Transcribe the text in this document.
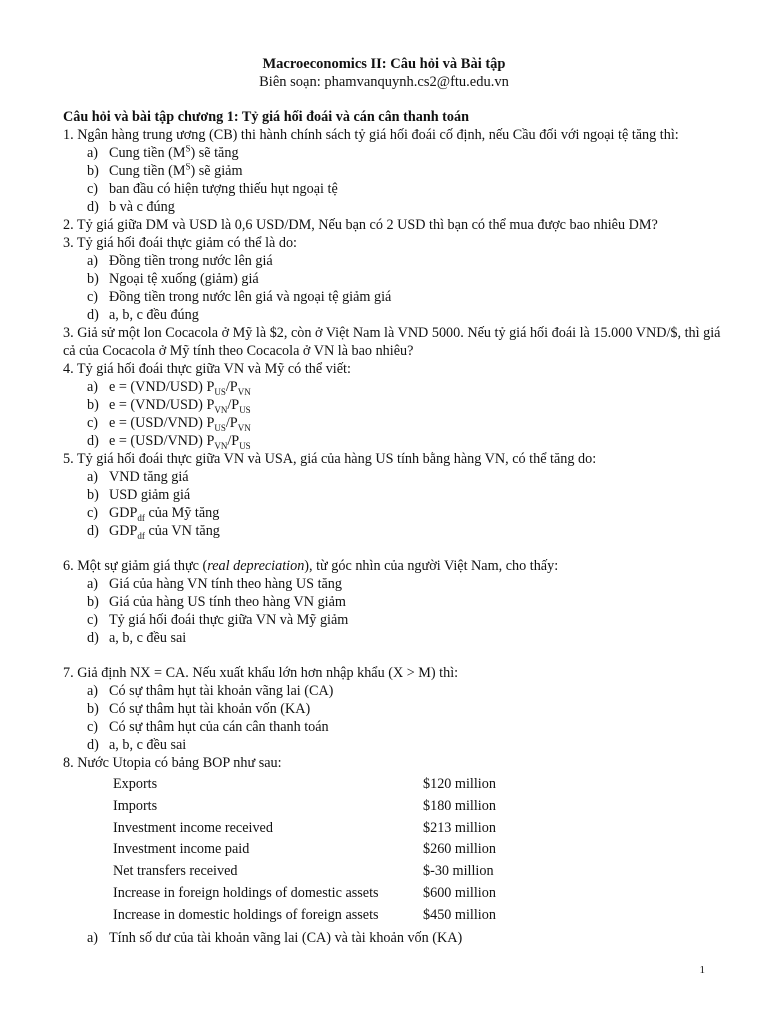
Macroeconomics II: Câu hỏi và Bài tập
Biên soạn: phamvanquynh.cs2@ftu.edu.vn
Câu hỏi và bài tập chương 1: Tỷ giá hối đoái và cán cân thanh toán
1. Ngân hàng trung ương (CB) thi hành chính sách tỷ giá hối đoái cố định, nếu Cầu đối với ngoại tệ tăng thì:
a) Cung tiền $(M^S)$ sẽ tăng
b) Cung tiền $(M^S)$ sẽ giảm
c) ban đầu có hiện tượng thiếu hụt ngoại tệ
d) b và c đúng
2. Tỷ giá giữa DM và USD là 0,6 USD/DM, Nếu bạn có 2 USD thì bạn có thể mua được bao nhiêu DM?
3. Tỷ giá hối đoái thực giảm có thể là do:
a) Đồng tiền trong nước lên giá
b) Ngoại tệ xuống (giảm) giá
c) Đồng tiền trong nước lên giá và ngoại tệ giảm giá
d) a, b, c đều đúng
3. Giả sử một lon Cocacola ở Mỹ là $2, còn ở Việt Nam là VND 5000. Nếu tỷ giá hối đoái là 15.000 VND/$, thì giá cả của Cocacola ở Mỹ tính theo Cocacola ở VN là bao nhiêu?
4. Tỷ giá hối đoái thực giữa VN và Mỹ có thể viết:
a) e = (VND/USD) $P_{US}/P_{VN}$
b) e = (VND/USD) $P_{VN}/P_{US}$
c) e = (USD/VND) $P_{US}/P_{VN}$
d) e = (USD/VND) $P_{VN}/P_{US}$
5. Tỷ giá hối đoái thực giữa VN và USA, giá của hàng US tính bằng hàng VN, có thể tăng do:
a) VND tăng giá
b) USD giảm giá
c) $GDP_{df}$ của Mỹ tăng
d) $GDP_{df}$ của VN tăng
6. Một sự giảm giá thực (real depreciation), từ góc nhìn của người Việt Nam, cho thấy:
a) Giá của hàng VN tính theo hàng US tăng
b) Giá của hàng US tính theo hàng VN giảm
c) Tỷ giá hối đoái thực giữa VN và Mỹ giảm
d) a, b, c đều sai
7. Giả định NX = CA. Nếu xuất khẩu lớn hơn nhập khẩu (X > M) thì:
a) Có sự thâm hụt tài khoản vãng lai (CA)
b) Có sự thâm hụt tài khoản vốn (KA)
c) Có sự thâm hụt của cán cân thanh toán
d) a, b, c đều sai
8. Nước Utopia có bảng BOP như sau:
Exports	$120 million
Imports	$180 million
Investment income received	$213 million
Investment income paid	$260 million
Net transfers received	$-30 million
Increase in foreign holdings of domestic assets	$600 million
Increase in domestic holdings of foreign assets	$450 million
a) Tính số dư của tài khoản vãng lai (CA) và tài khoản vốn (KA)
1
